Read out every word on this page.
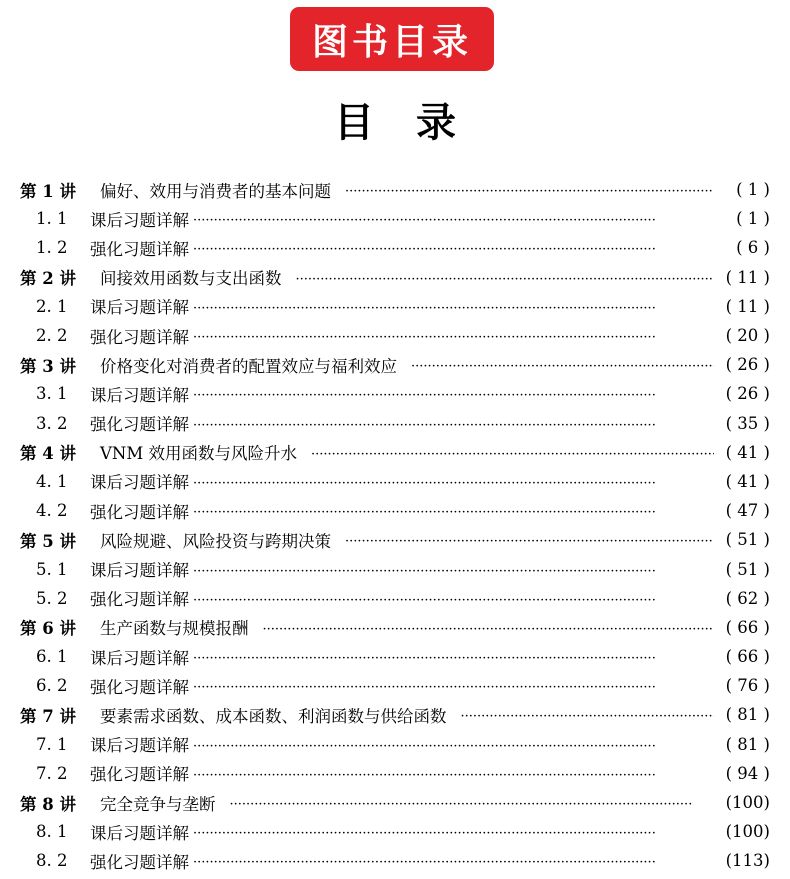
图书目录
目录
第 1 讲	偏好、效用与消费者的基本问题 ·····	( 1 )
1. 1	课后习题详解 ·····	( 1 )
1. 2	强化习题详解 ·····	( 6 )
第 2 讲	间接效用函数与支出函数 ·····	( 11 )
2. 1	课后习题详解 ·····	( 11 )
2. 2	强化习题详解 ·····	( 20 )
第 3 讲	价格变化对消费者的配置效应与福利效应 ·····	( 26 )
3. 1	课后习题详解 ·····	( 26 )
3. 2	强化习题详解 ·····	( 35 )
第 4 讲	VNM 效用函数与风险升水 ·····	( 41 )
4. 1	课后习题详解 ·····	( 41 )
4. 2	强化习题详解 ·····	( 47 )
第 5 讲	风险规避、风险投资与跨期决策 ·····	( 51 )
5. 1	课后习题详解 ·····	( 51 )
5. 2	强化习题详解 ·····	( 62 )
第 6 讲	生产函数与规模报酬 ·····	( 66 )
6. 1	课后习题详解 ·····	( 66 )
6. 2	强化习题详解 ·····	( 76 )
第 7 讲	要素需求函数、成本函数、利润函数与供给函数 ·····	( 81 )
7. 1	课后习题详解 ·····	( 81 )
7. 2	强化习题详解 ·····	( 94 )
第 8 讲	完全竞争与垄断 ·····	(100)
8. 1	课后习题详解 ·····	(100)
8. 2	强化习题详解 ·····	(113)
